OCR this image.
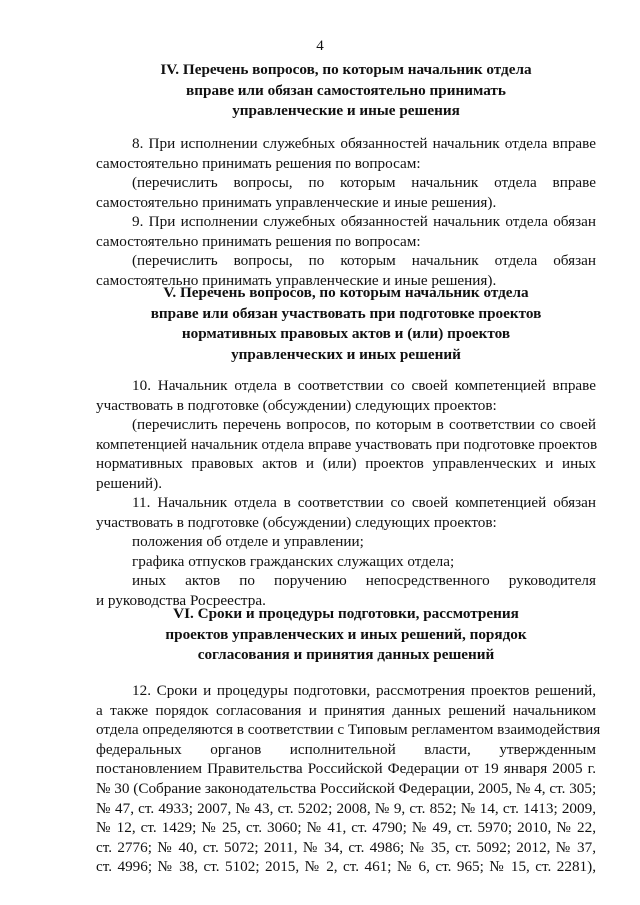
4
IV. Перечень вопросов, по которым начальник отдела
вправе или обязан самостоятельно принимать
управленческие и иные решения
8. При исполнении служебных обязанностей начальник отдела вправе
самостоятельно принимать решения по вопросам:
(перечислить вопросы, по которым начальник отдела вправе
самостоятельно принимать управленческие и иные решения).
9. При исполнении служебных обязанностей начальник отдела обязан
самостоятельно принимать решения по вопросам:
(перечислить вопросы, по которым начальник отдела обязан
самостоятельно принимать управленческие и иные решения).
V. Перечень вопросов, по которым начальник отдела
вправе или обязан участвовать при подготовке проектов
нормативных правовых актов и (или) проектов
управленческих и иных решений
10. Начальник отдела в соответствии со своей компетенцией вправе
участвовать в подготовке (обсуждении) следующих проектов:
(перечислить перечень вопросов, по которым в соответствии со своей
компетенцией начальник отдела вправе участвовать при подготовке проектов
нормативных правовых актов и (или) проектов управленческих и иных
решений).
11. Начальник отдела в соответствии со своей компетенцией обязан
участвовать в подготовке (обсуждении) следующих проектов:
положения об отделе и управлении;
графика отпусков гражданских служащих отдела;
иных актов по поручению непосредственного руководителя
и руководства Росреестра.
VI. Сроки и процедуры подготовки, рассмотрения
проектов управленческих и иных решений, порядок
согласования и принятия данных решений
12. Сроки и процедуры подготовки, рассмотрения проектов решений,
а также порядок согласования и принятия данных решений начальником
отдела определяются в соответствии с Типовым регламентом взаимодействия
федеральных органов исполнительной власти, утвержденным
постановлением Правительства Российской Федерации от 19 января 2005 г.
№ 30 (Собрание законодательства Российской Федерации, 2005, № 4, ст. 305;
№ 47, ст. 4933; 2007, № 43, ст. 5202; 2008, № 9, ст. 852; № 14, ст. 1413; 2009,
№ 12, ст. 1429; № 25, ст. 3060; № 41, ст. 4790; № 49, ст. 5970; 2010, № 22,
ст. 2776; № 40, ст. 5072; 2011, № 34, ст. 4986; № 35, ст. 5092; 2012, № 37,
ст. 4996; № 38, ст. 5102; 2015, № 2, ст. 461; № 6, ст. 965; № 15, ст. 2281),
